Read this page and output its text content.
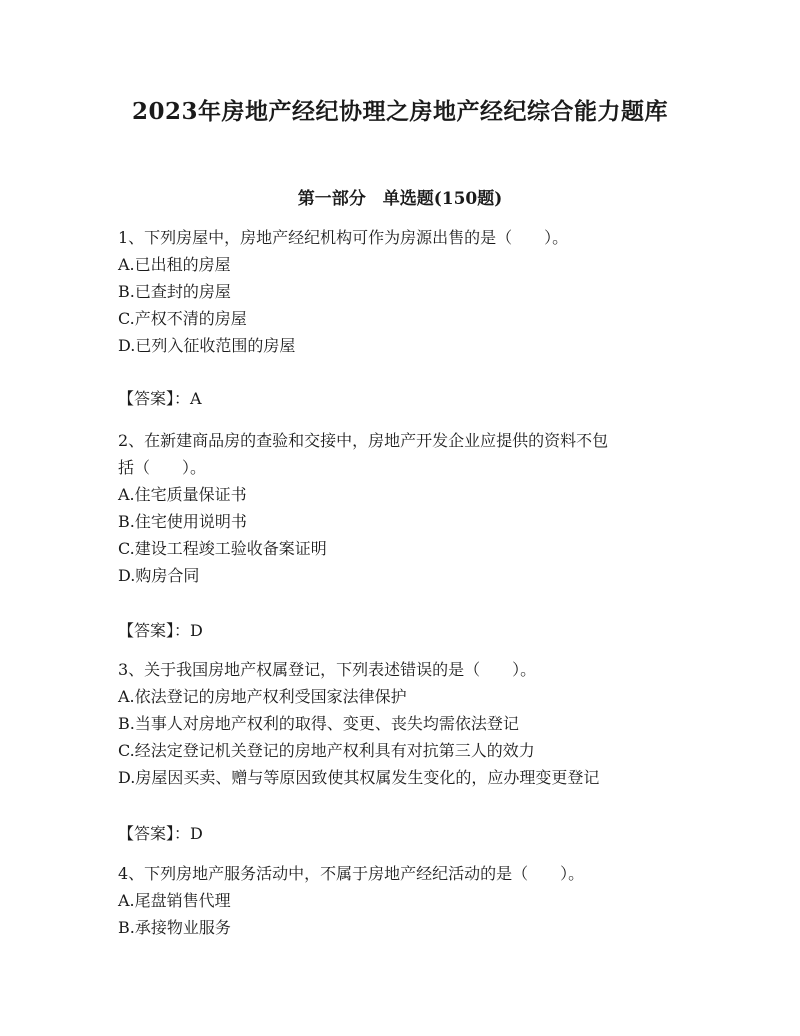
2023年房地产经纪协理之房地产经纪综合能力题库
第一部分　单选题(150题)

1、下列房屋中，房地产经纪机构可作为房源出售的是（　　）。

A.已出租的房屋

B.已查封的房屋

C.产权不清的房屋

D.已列入征收范围的房屋

【答案】：A

2、在新建商品房的查验和交接中，房地产开发企业应提供的资料不包

括（　　）。

A.住宅质量保证书

B.住宅使用说明书

C.建设工程竣工验收备案证明

D.购房合同

【答案】：D

3、关于我国房地产权属登记，下列表述错误的是（　　）。

A.依法登记的房地产权利受国家法律保护

B.当事人对房地产权利的取得、变更、丧失均需依法登记

C.经法定登记机关登记的房地产权利具有对抗第三人的效力

D.房屋因买卖、赠与等原因致使其权属发生变化的，应办理变更登记

【答案】：D

4、下列房地产服务活动中，不属于房地产经纪活动的是（　　）。

A.尾盘销售代理

B.承接物业服务
